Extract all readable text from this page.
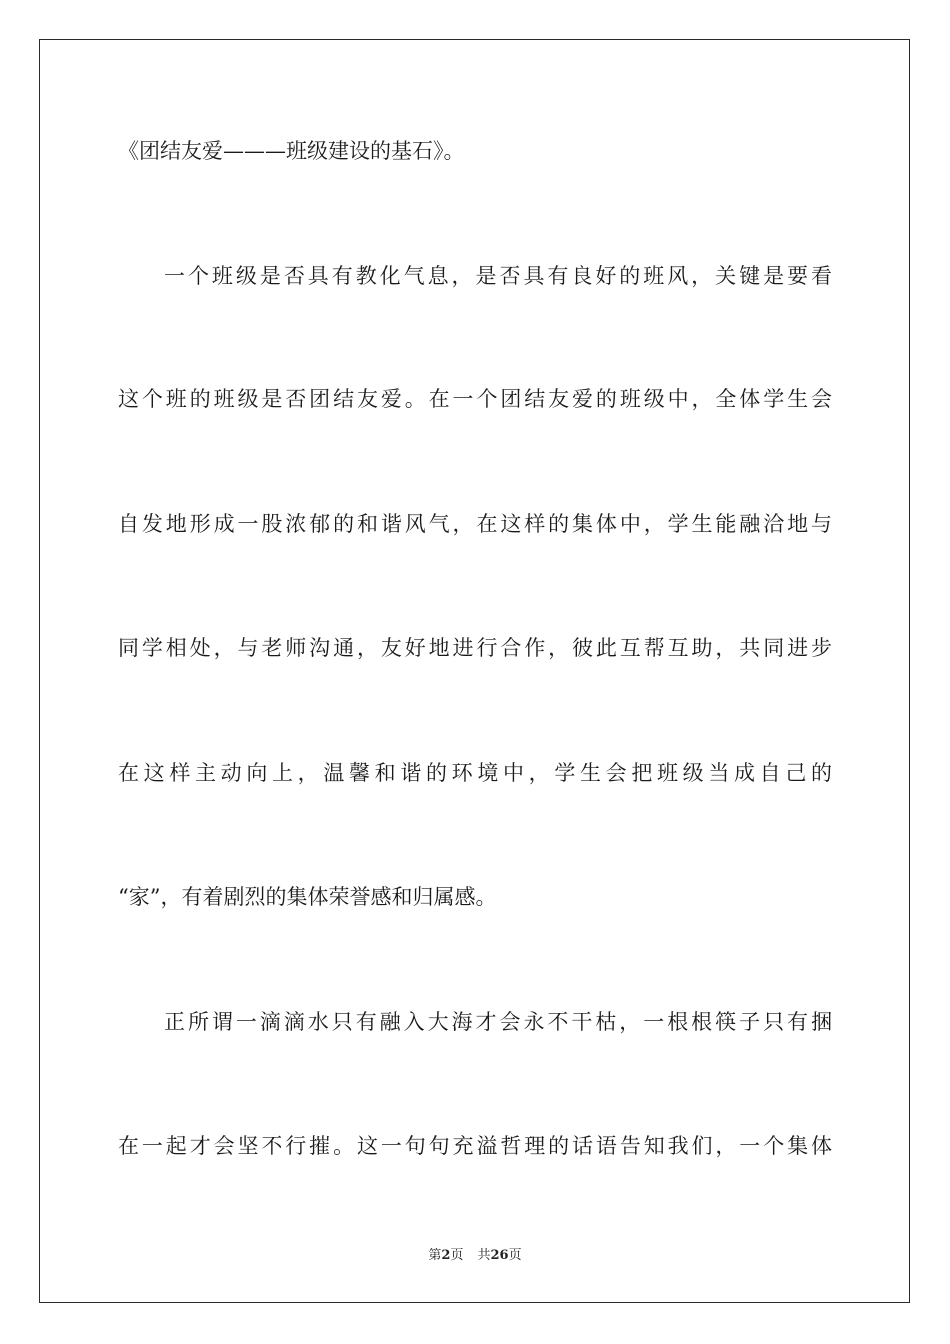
《团结友爱———班级建设的基石》。
一个班级是否具有教化气息，是否具有良好的班风，关键是要看
这个班的班级是否团结友爱。在一个团结友爱的班级中，全体学生会
自发地形成一股浓郁的和谐风气，在这样的集体中，学生能融洽地与
同学相处，与老师沟通，友好地进行合作，彼此互帮互助，共同进步
在这样主动向上，温馨和谐的环境中，学生会把班级当成自己的
“家”，有着剧烈的集体荣誉感和归属感。
正所谓一滴滴水只有融入大海才会永不干枯，一根根筷子只有捆
在一起才会坚不行摧。这一句句充溢哲理的话语告知我们，一个集体
第2页 共26页
